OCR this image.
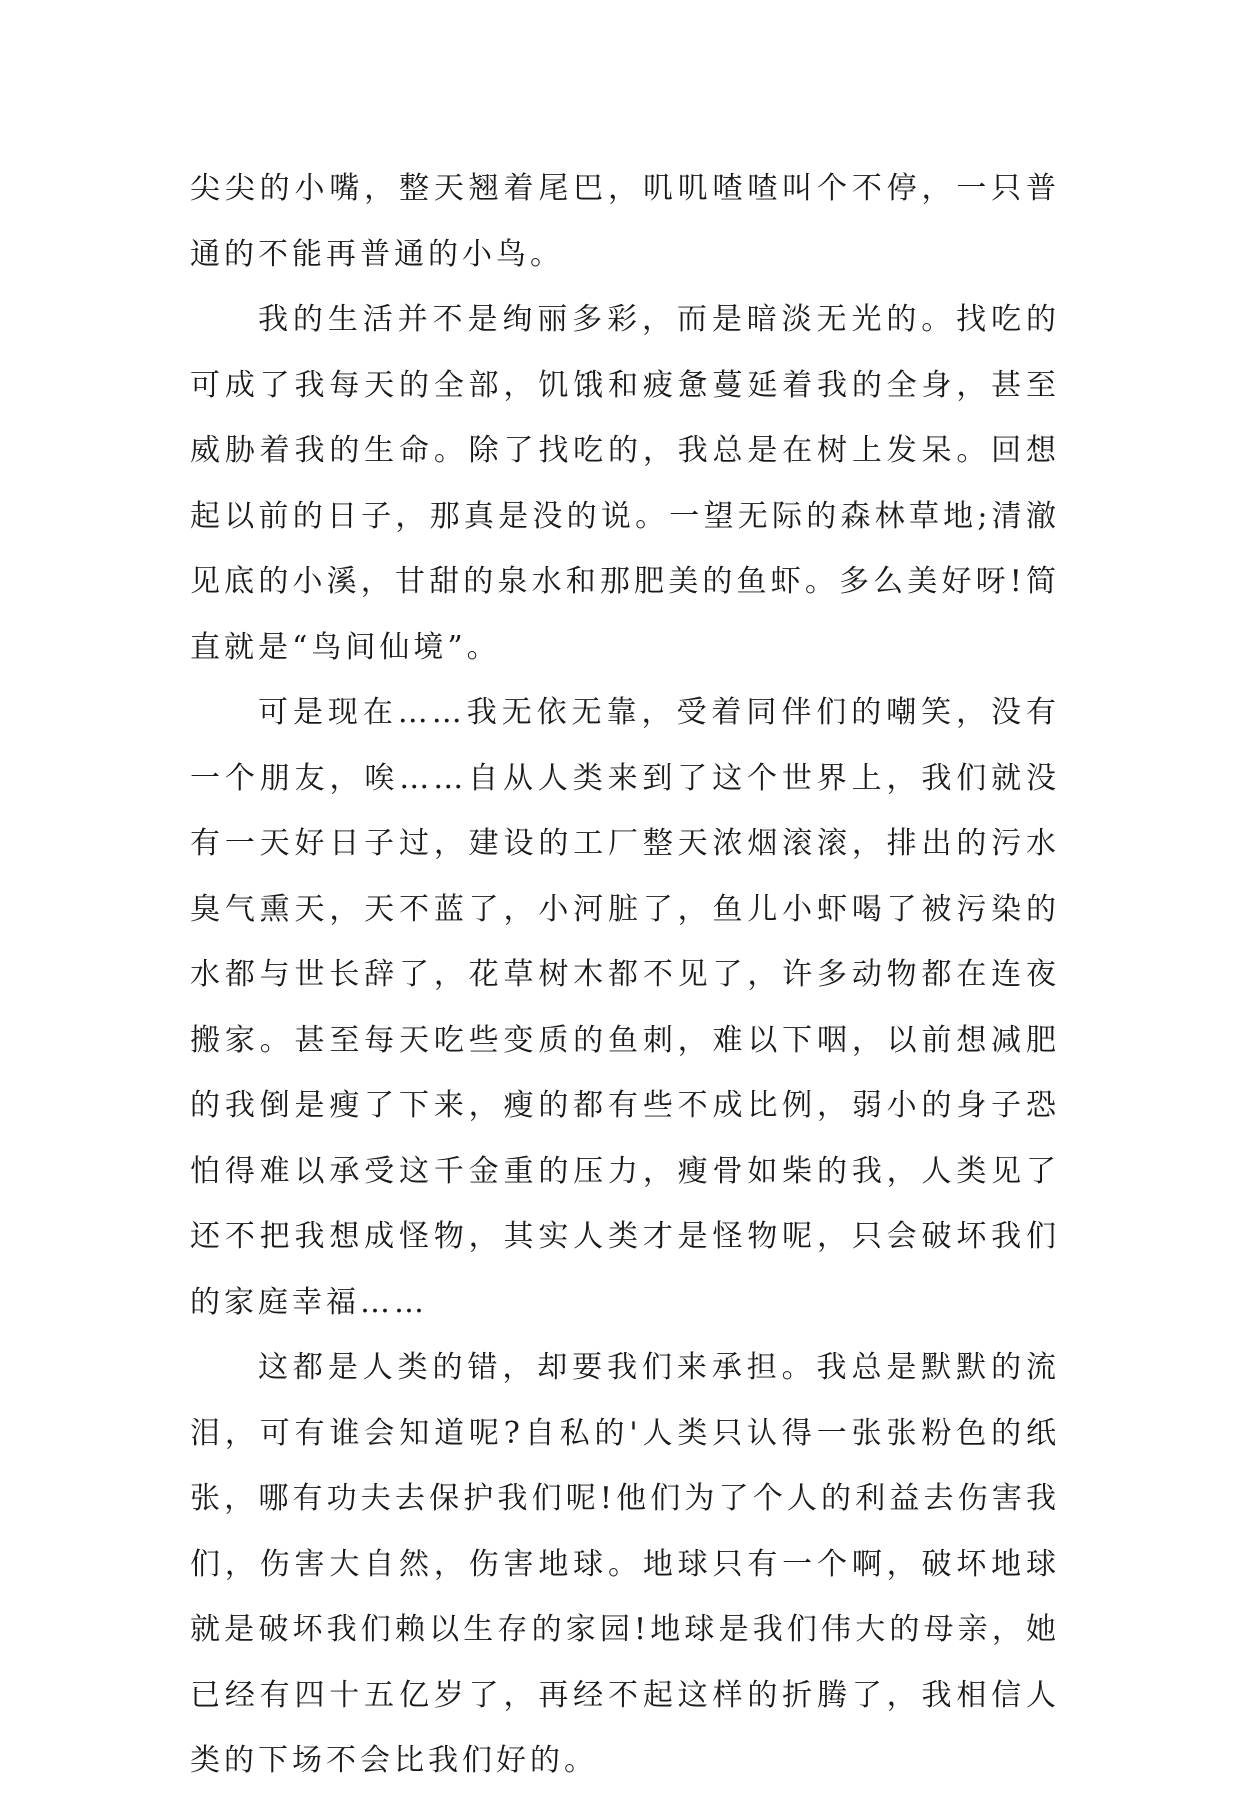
尖尖的小嘴，整天翘着尾巴，叽叽喳喳叫个不停，一只普通的不能再普通的小鸟。

我的生活并不是绚丽多彩，而是暗淡无光的。找吃的可成了我每天的全部，饥饿和疲惫蔓延着我的全身，甚至威胁着我的生命。除了找吃的，我总是在树上发呆。回想起以前的日子，那真是没的说。一望无际的森林草地;清澈见底的小溪，甘甜的泉水和那肥美的鱼虾。多么美好呀!简直就是“鸟间仙境”。

可是现在……我无依无靠，受着同伴们的嘲笑，没有一个朋友，唉……自从人类来到了这个世界上，我们就没有一天好日子过，建设的工厂整天浓烟滚滚，排出的污水臭气熏天，天不蓝了，小河脏了，鱼儿小虾喝了被污染的水都与世长辞了，花草树木都不见了，许多动物都在连夜搬家。甚至每天吃些变质的鱼刺，难以下咽，以前想减肥的我倒是瘦了下来，瘦的都有些不成比例，弱小的身子恐怕得难以承受这千金重的压力，瘦骨如柴的我，人类见了还不把我想成怪物，其实人类才是怪物呢，只会破坏我们的家庭幸福……

这都是人类的错，却要我们来承担。我总是默默的流泪，可有谁会知道呢?自私的'人类只认得一张张粉色的纸张，哪有功夫去保护我们呢!他们为了个人的利益去伤害我们，伤害大自然，伤害地球。地球只有一个啊，破坏地球就是破坏我们赖以生存的家园!地球是我们伟大的母亲，她已经有四十五亿岁了，再经不起这样的折腾了，我相信人类的下场不会比我们好的。
